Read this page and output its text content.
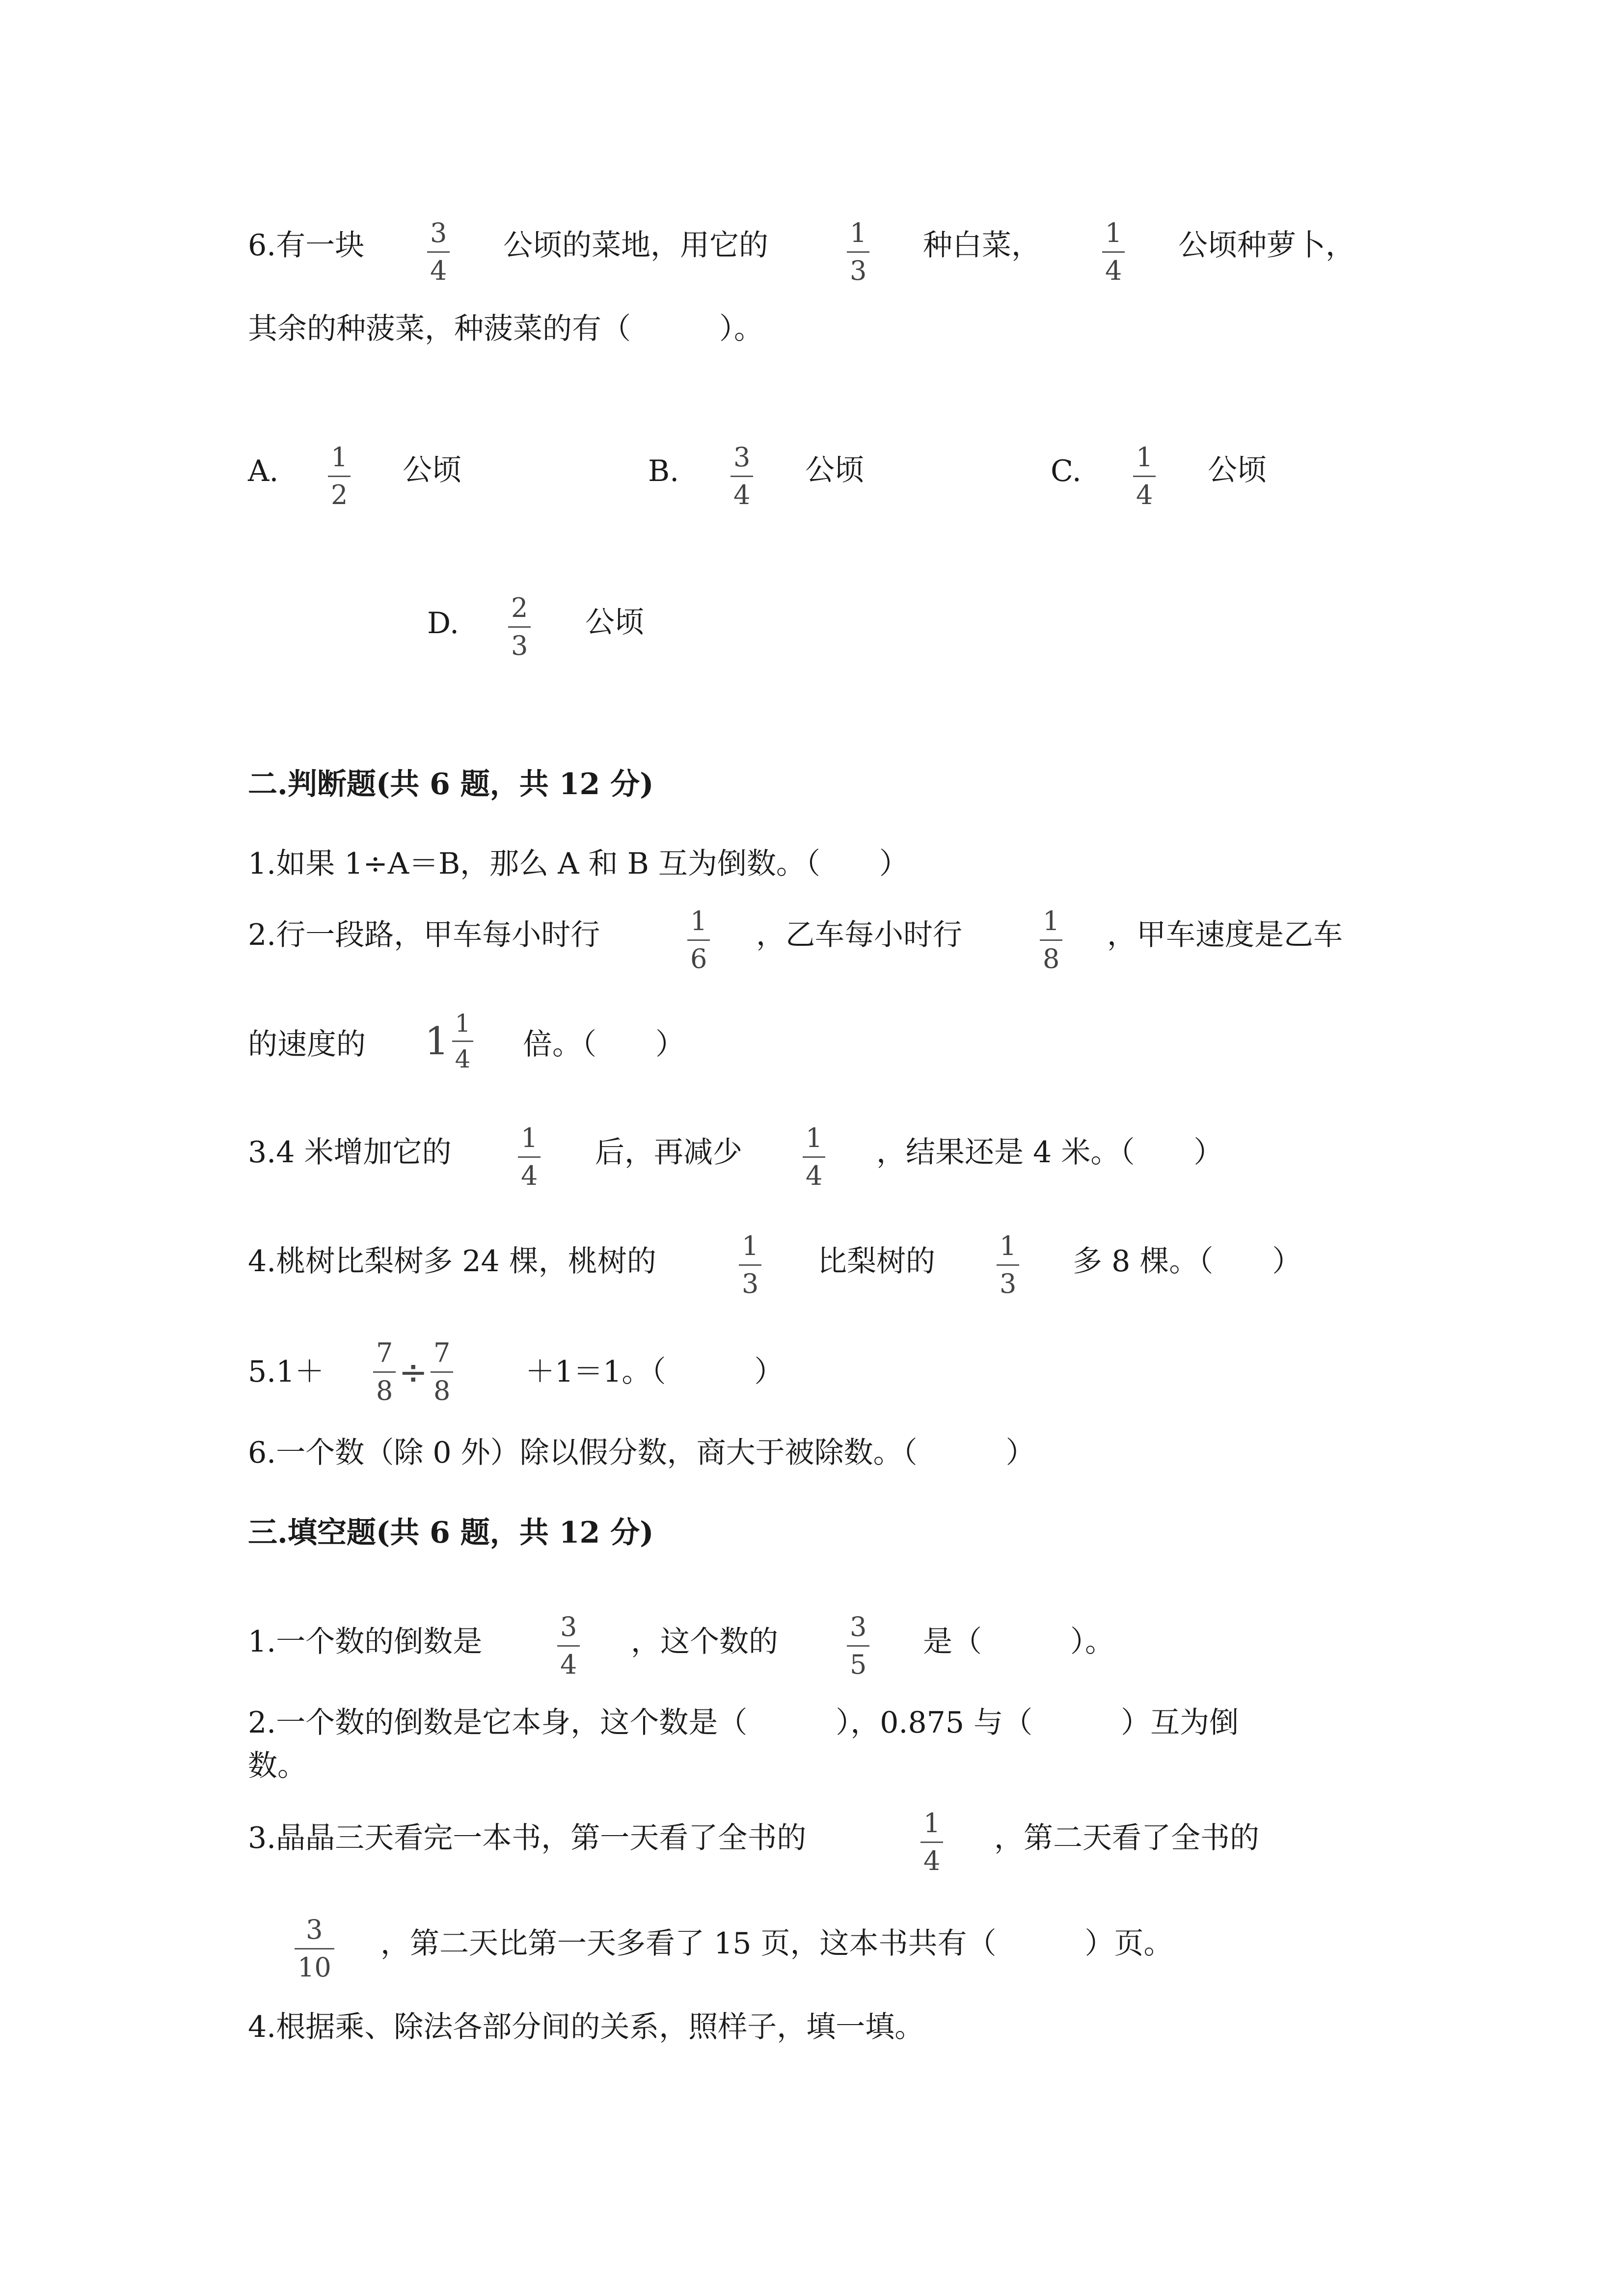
6.有一块 3
4
公顷的菜地，用它的	1
3
种白菜， 1
4
公顷种萝卜，
其余的种菠菜，种菠菜的有（　　　）。
A. 1
2
公顷	B. 3
4
公顷	C. 1
4
公顷
D. 2
3
公顷
二.判断题(共 6 题，共 12 分)
1.如果 1÷A＝B，那么 A 和 B 互为倒数。（　　）
2.行一段路，甲车每小时行	1
6
，乙车每小时行	1
8
，甲车速度是乙车
的速度的 $1 \frac{1}{4}$ 倍。（　　）
3.4 米增加它的	1
4
后，再减少 1
4
，结果还是 4 米。（　　）
4.桃树比梨树多 24 棵，桃树的	1
3
比梨树的 1
3
多 8 棵。（　　）
$5.1+ \frac{7}{8} \div \frac{7}{8} +1=1$。（　　　）
6.一个数（除 0 外）除以假分数，商大于被除数。（　　　）
三.填空题(共 6 题，共 12 分)
1.一个数的倒数是	3
4
，这个数的	3
5
是（　　　）。
2.一个数的倒数是它本身，这个数是（　　　），0.875 与（　　　）互为倒
数。
3.晶晶三天看完一本书，第一天看了全书的	1
4
，第二天看了全书的
3
10
，第二天比第一天多看了 15 页，这本书共有（　　　）页。
4.根据乘、除法各部分间的关系，照样子，填一填。
